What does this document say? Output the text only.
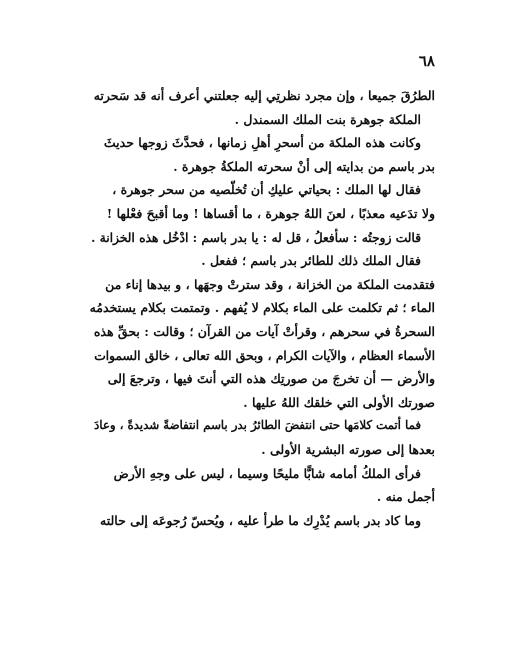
٦٨
الطرُقَ جميعا ، وإن مجرد نظرتِي إليه جعلتني أعرف أنه قد سَحرته
الملكة جوهرة بنت الملك السمندل .
وكانت هذه الملكة من أسحرِ أهلِ زمانها ، فحدَّثَ زوجها حديثَ
بدر باسم من بدايته إلى أنْ سحرته الملكةُ جوهرة .
فقال لها الملك : بحياتي عليكِ أن تُخلّصيه من سحر جوهرة ،
ولا تدَعيه معذبًا ، لعنَ اللهُ جوهرة ، ما أقساها ! وما أقبحَ فعْلها !
قالت زوجتُه : سأفعلُ ، قل له : يا بدر باسم : ادْخُل هذه الخزانة .
فقال الملك ذلك للطائر بدر باسم ؛ ففعل .
فتقدمت الملكة من الخزانة ، وقد سترتْ وجهَها ، و بيدها إناء من
الماء ؛ ثم تكلمت على الماء بكلام لا يُفهم . وتمتمت بكلام يستخدمُه
السحرةُ في سحرهم ، وقرأتْ آيات من القرآن ؛ وقالت : بحقِّ هذه
الأسماء العظام ، والآيات الكرام ، وبحق الله تعالى ، خالق السموات
والأرض — أن تخرجَ من صورتِك هذه التي أنتَ فيها ، وترجعَ إلى
صورتك الأولى التي خلقك اللهُ عليها .
فما أتمت كلامَها حتى انتفضَ الطائرُ بدر باسم انتفاضةً شديدةً ، وعادَ
بعدها إلى صورته البشرية الأولى .
فرأى الملكُ أمامه شابًّا مليحًا وسيما ، ليس على وجهِ الأرض
أجمل منه .
وما كاد بدر باسم يُدْرِك ما طرأ عليه ، ويُحسّ رُجوعَه إلى حالته
